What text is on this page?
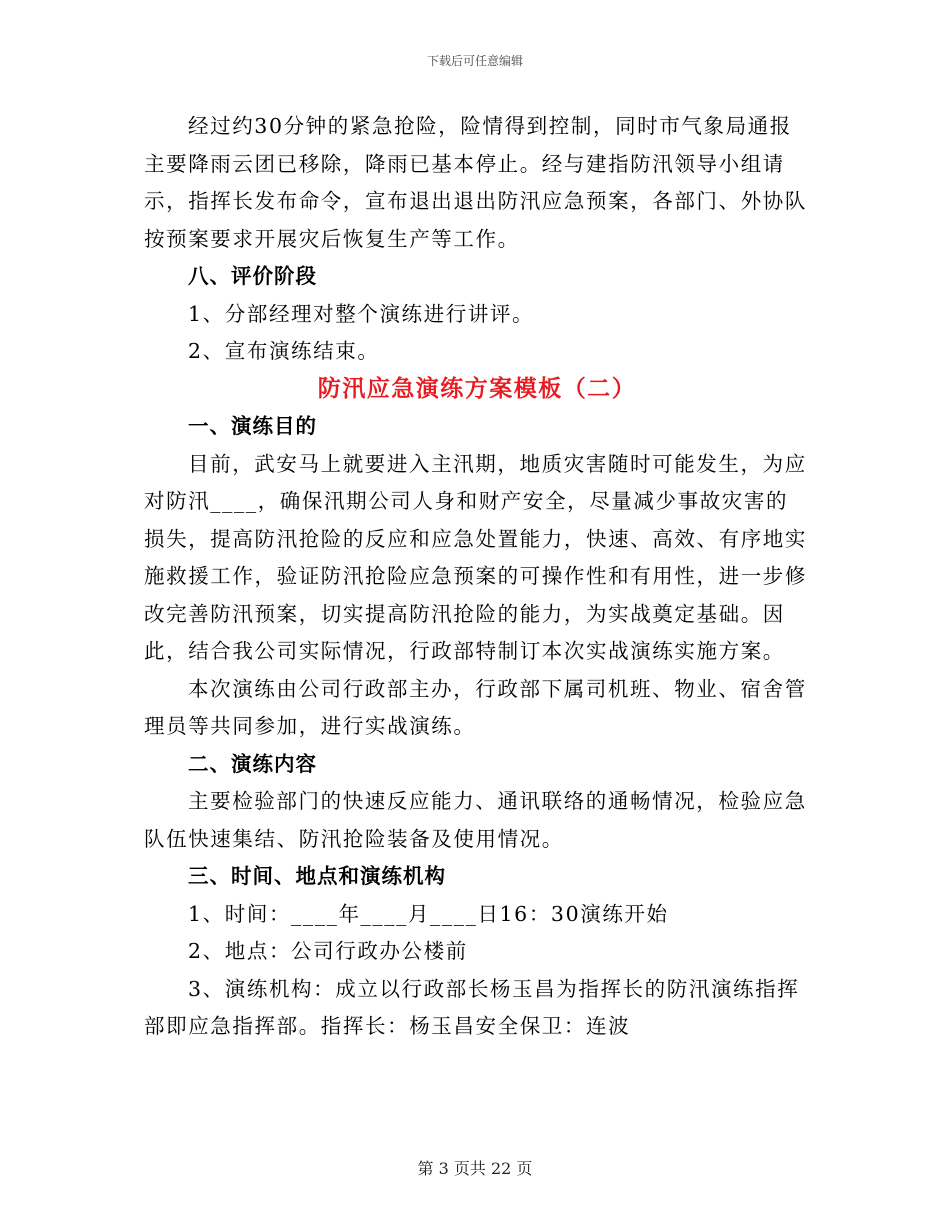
下载后可任意编辑

经过约30分钟的紧急抢险，险情得到控制，同时市气象局通报主要降雨云团已移除，降雨已基本停止。经与建指防汛领导小组请示，指挥长发布命令，宣布退出退出防汛应急预案，各部门、外协队按预案要求开展灾后恢复生产等工作。

八、评价阶段

1、分部经理对整个演练进行讲评。

2、宣布演练结束。

防汛应急演练方案模板（二）

一、演练目的

目前，武安马上就要进入主汛期，地质灾害随时可能发生，为应对防汛____，确保汛期公司人身和财产安全，尽量减少事故灾害的损失，提高防汛抢险的反应和应急处置能力，快速、高效、有序地实施救援工作，验证防汛抢险应急预案的可操作性和有用性，进一步修改完善防汛预案，切实提高防汛抢险的能力，为实战奠定基础。因此，结合我公司实际情况，行政部特制订本次实战演练实施方案。

本次演练由公司行政部主办，行政部下属司机班、物业、宿舍管理员等共同参加，进行实战演练。

二、演练内容

主要检验部门的快速反应能力、通讯联络的通畅情况，检验应急队伍快速集结、防汛抢险装备及使用情况。

三、时间、地点和演练机构

1、时间：____年____月____日16：30演练开始

2、地点：公司行政办公楼前

3、演练机构：成立以行政部长杨玉昌为指挥长的防汛演练指挥部即应急指挥部。指挥长：杨玉昌安全保卫：连波

第 3 页共 22 页
